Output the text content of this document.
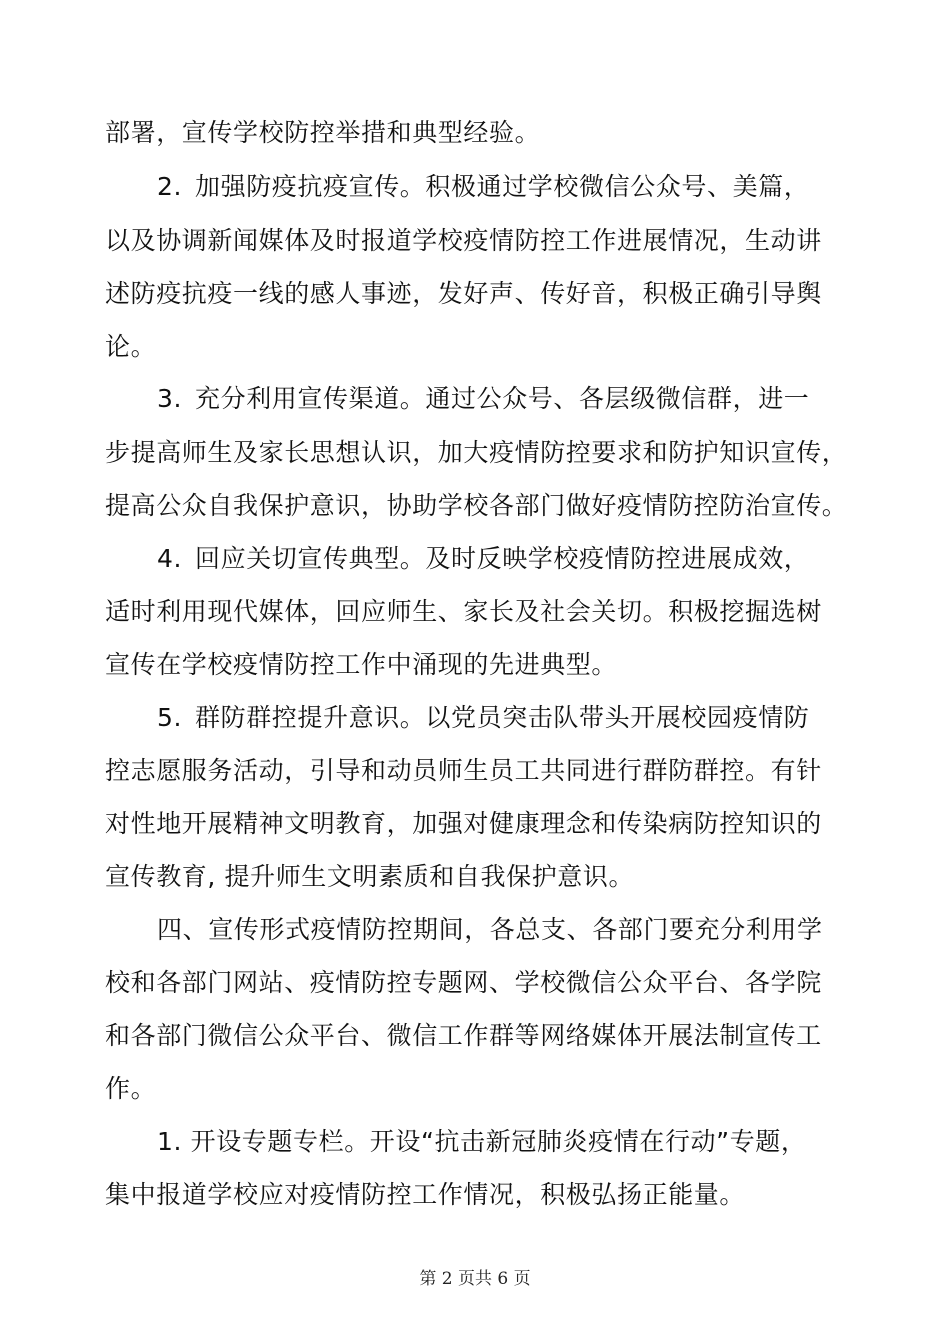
部署，宣传学校防控举措和典型经验。
2. 加强防疫抗疫宣传。积极通过学校微信公众号、美篇，
以及协调新闻媒体及时报道学校疫情防控工作进展情况，生动讲
述防疫抗疫一线的感人事迹，发好声、传好音，积极正确引导舆
论。
3. 充分利用宣传渠道。通过公众号、各层级微信群，进一
步提高师生及家长思想认识，加大疫情防控要求和防护知识宣传，
提高公众自我保护意识，协助学校各部门做好疫情防控防治宣传。
4. 回应关切宣传典型。及时反映学校疫情防控进展成效，
适时利用现代媒体，回应师生、家长及社会关切。积极挖掘选树
宣传在学校疫情防控工作中涌现的先进典型。
5. 群防群控提升意识。以党员突击队带头开展校园疫情防
控志愿服务活动，引导和动员师生员工共同进行群防群控。有针
对性地开展精神文明教育，加强对健康理念和传染病防控知识的
宣传教育, 提升师生文明素质和自我保护意识。
四、宣传形式疫情防控期间，各总支、各部门要充分利用学
校和各部门网站、疫情防控专题网、学校微信公众平台、各学院
和各部门微信公众平台、微信工作群等网络媒体开展法制宣传工
作。
1. 开设专题专栏。开设“抗击新冠肺炎疫情在行动”专题，
集中报道学校应对疫情防控工作情况，积极弘扬正能量。
第 2 页共 6 页
